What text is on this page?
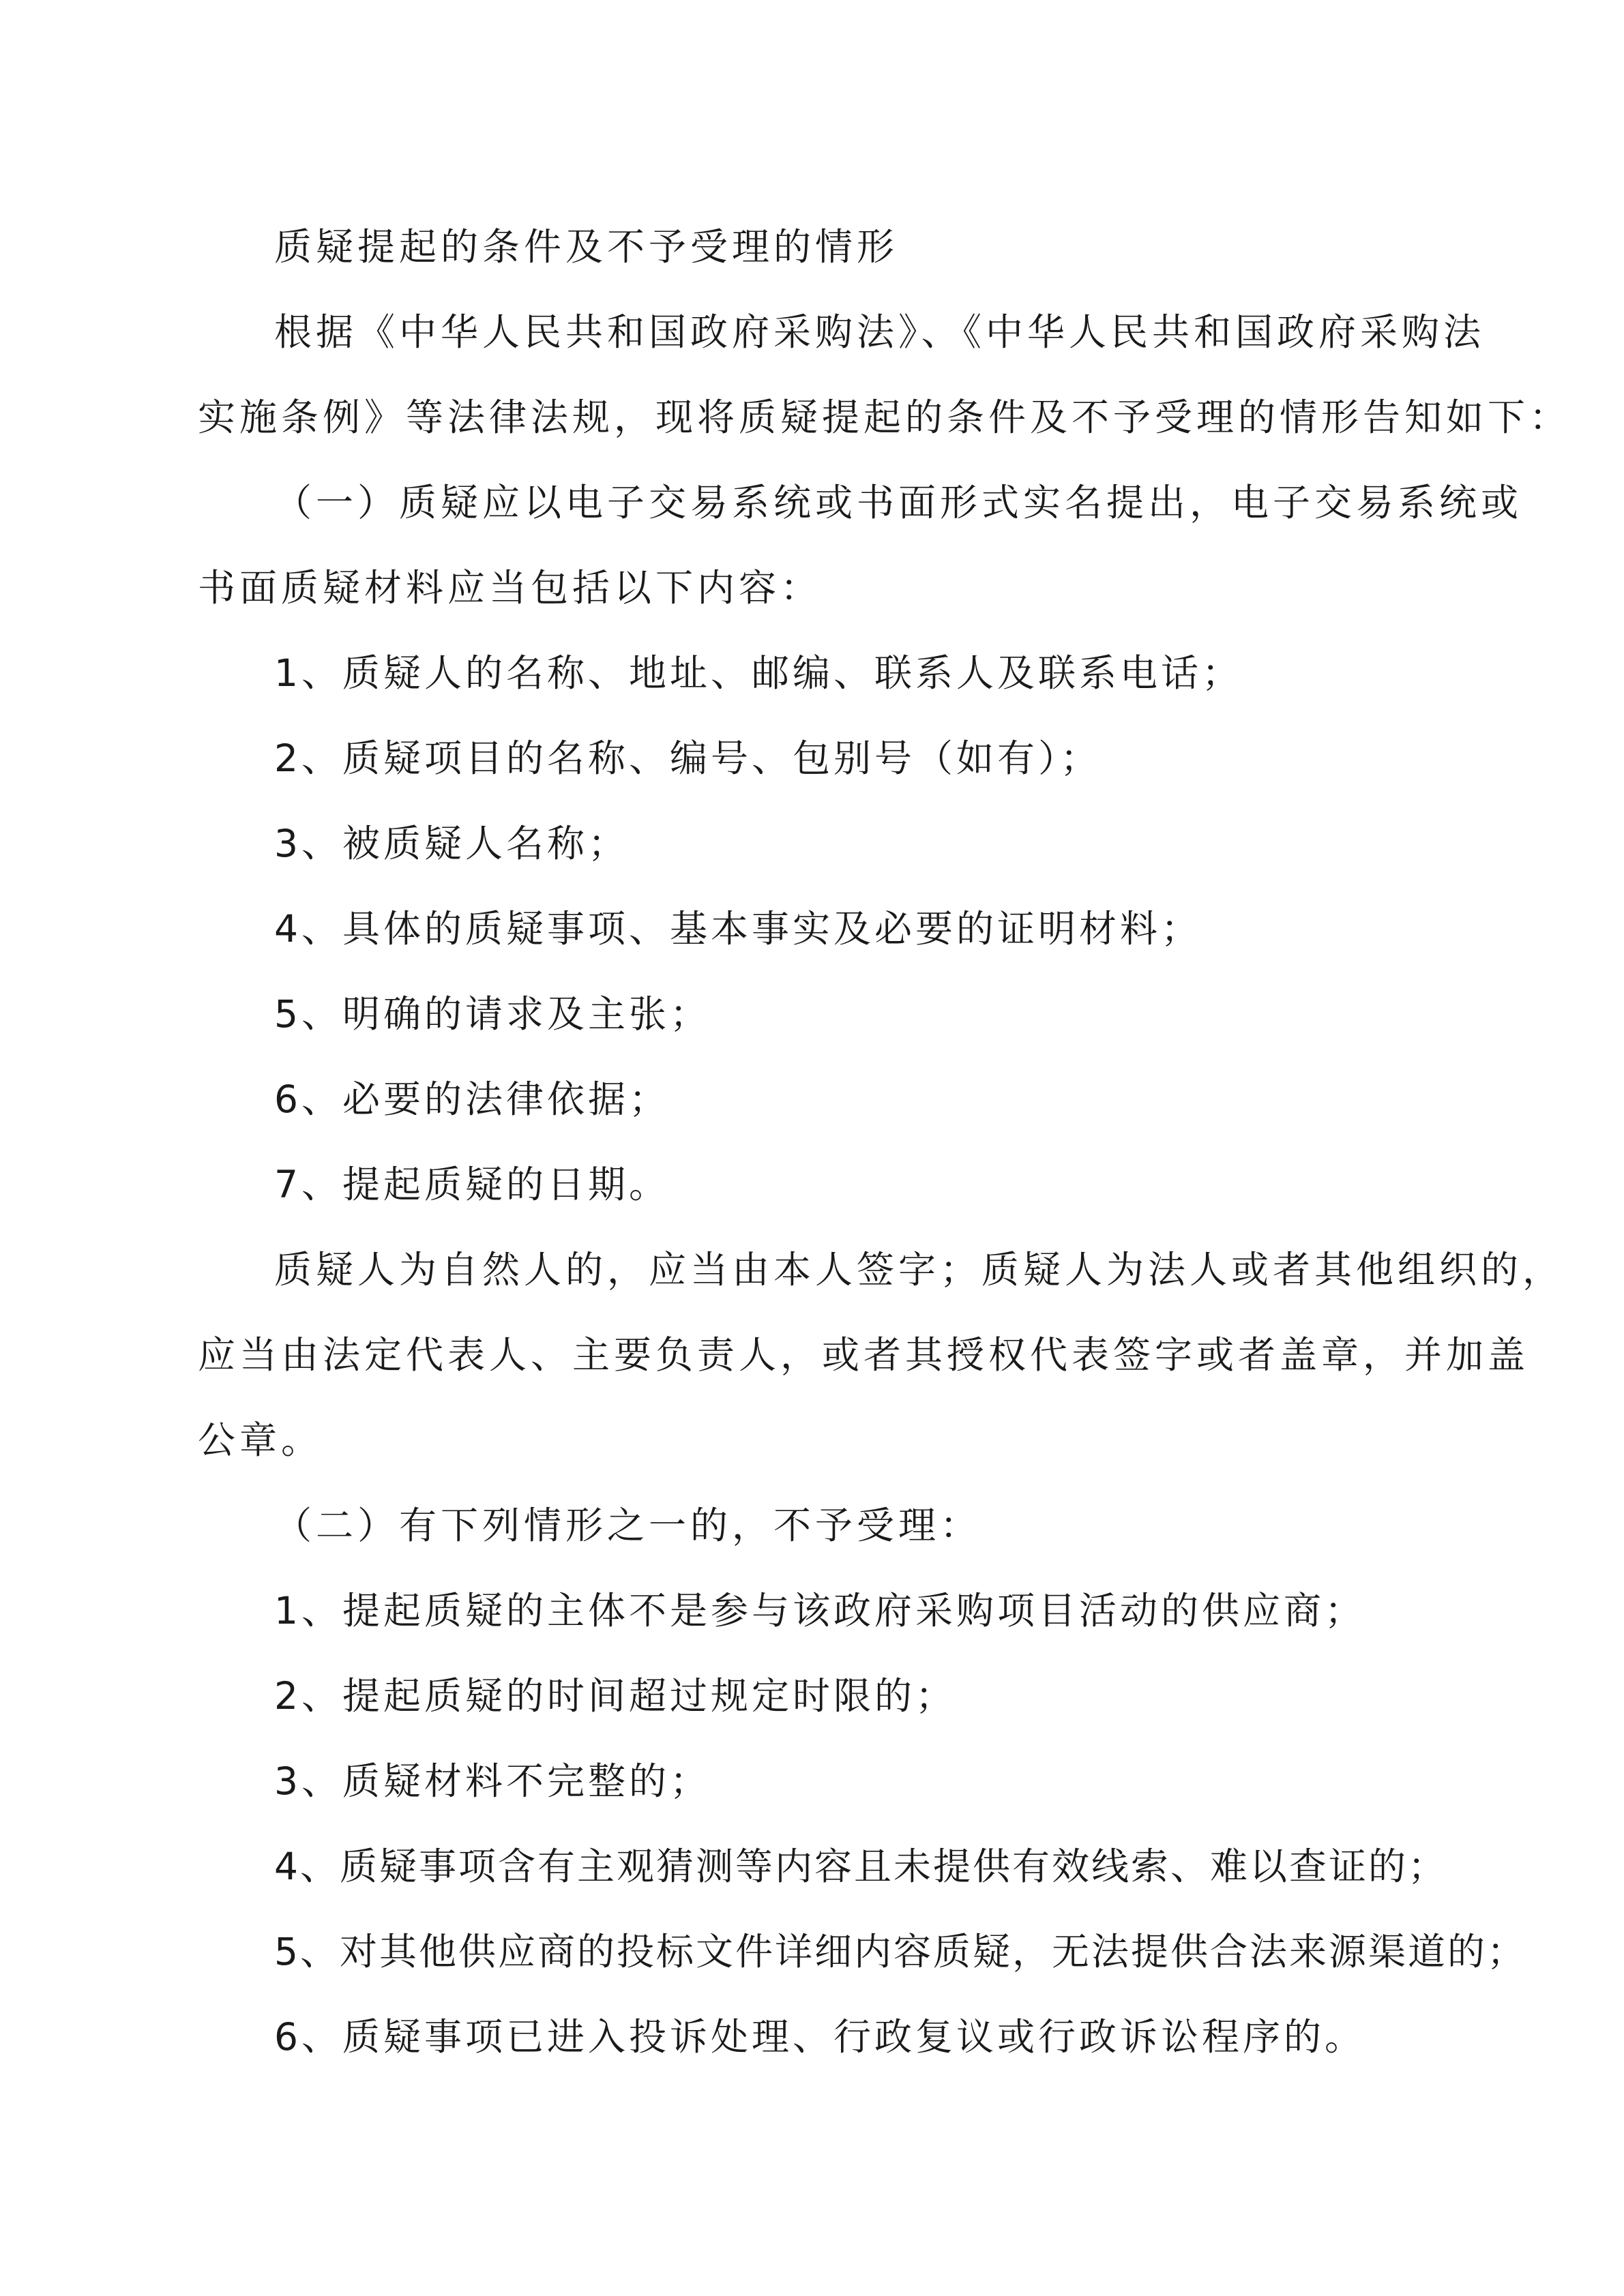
质疑提起的条件及不予受理的情形
根据《中华人民共和国政府采购法》、《中华人民共和国政府采购法
实施条例》等法律法规，现将质疑提起的条件及不予受理的情形告知如下：
（一）质疑应以电子交易系统或书面形式实名提出，电子交易系统或
书面质疑材料应当包括以下内容：
1、质疑人的名称、地址、邮编、联系人及联系电话；
2、质疑项目的名称、编号、包别号（如有）；
3、被质疑人名称；
4、具体的质疑事项、基本事实及必要的证明材料；
5、明确的请求及主张；
6、必要的法律依据；
7、提起质疑的日期。
质疑人为自然人的，应当由本人签字；质疑人为法人或者其他组织的，
应当由法定代表人、主要负责人，或者其授权代表签字或者盖章，并加盖
公章。
（二）有下列情形之一的，不予受理：
1、提起质疑的主体不是参与该政府采购项目活动的供应商；
2、提起质疑的时间超过规定时限的；
3、质疑材料不完整的；
4、质疑事项含有主观猜测等内容且未提供有效线索、难以查证的；
5、对其他供应商的投标文件详细内容质疑，无法提供合法来源渠道的；
6、质疑事项已进入投诉处理、行政复议或行政诉讼程序的。
